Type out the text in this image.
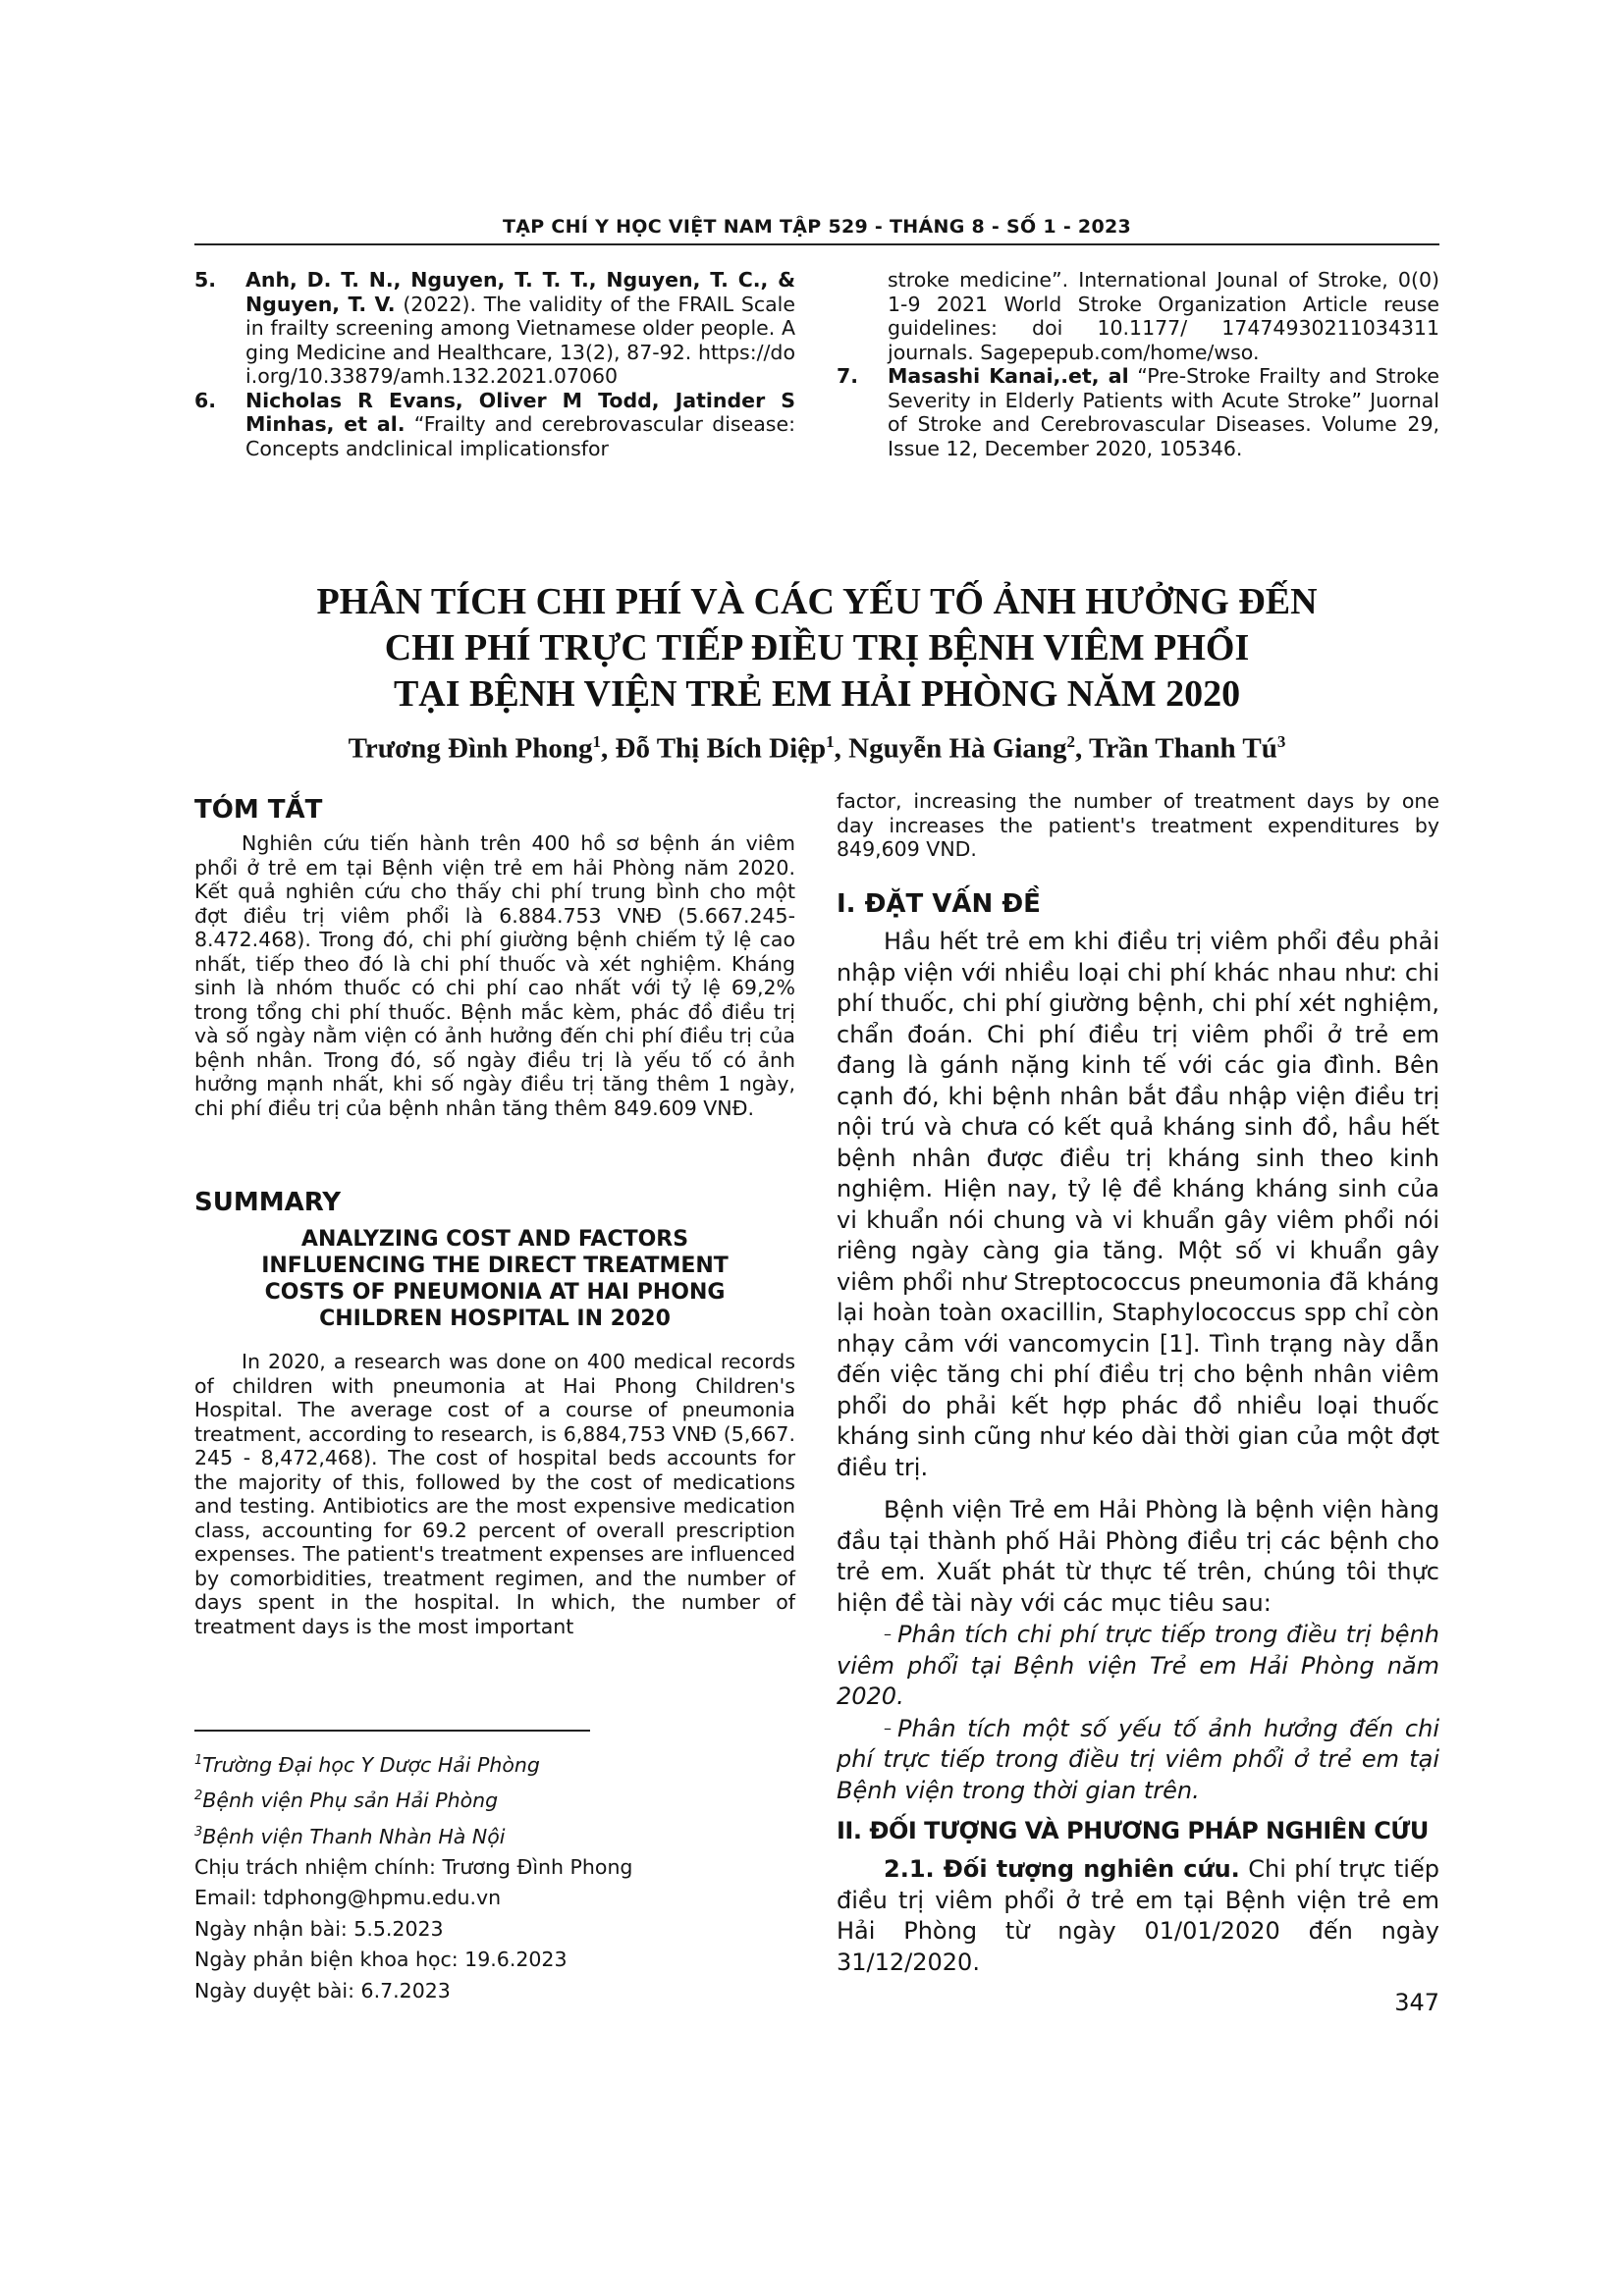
TẠP CHÍ Y HỌC VIỆT NAM TẬP 529 - THÁNG 8 - SỐ 1 - 2023

5. Anh, D. T. N., Nguyen, T. T. T., Nguyen, T. C., & Nguyen, T. V. (2022). The validity of the FRAIL Scale in frailty screening among Vietnamese older people. Aging Medicine and Healthcare, 13(2), 87-92. https://doi.org/10.33879/amh.132.2021.07060

6. Nicholas R Evans, Oliver M Todd, Jatinder S Minhas, et al. “Frailty and cerebrovascular disease: Concepts andclinical implicationsfor

stroke medicine”. International Jounal of Stroke, 0(0) 1-9 2021 World Stroke Organization Article reuse guidelines: doi 10.1177/ 17474930211034311 journals. Sagepepub.com/home/wso.

7. Masashi Kanai,.et, al “Pre-Stroke Frailty and Stroke Severity in Elderly Patients with Acute Stroke” Juornal of Stroke and Cerebrovascular Diseases. Volume 29, Issue 12, December 2020, 105346.

PHÂN TÍCH CHI PHÍ VÀ CÁC YẾU TỐ ẢNH HƯỞNG ĐẾN
CHI PHÍ TRỰC TIẾP ĐIỀU TRỊ BỆNH VIÊM PHỔI
TẠI BỆNH VIỆN TRẺ EM HẢI PHÒNG NĂM 2020
Trương Đình Phong$^1$, Đỗ Thị Bích Diệp$^1$, Nguyễn Hà Giang$^2$, Trần Thanh $Tú^3$
TÓM TẮT

Nghiên cứu tiến hành trên 400 hồ sơ bệnh án viêm phổi ở trẻ em tại Bệnh viện trẻ em hải Phòng năm 2020. Kết quả nghiên cứu cho thấy chi phí trung bình cho một đợt điều trị viêm phổi là 6.884.753 VNĐ (5.667.245-8.472.468). Trong đó, chi phí giường bệnh chiếm tỷ lệ cao nhất, tiếp theo đó là chi phí thuốc và xét nghiệm. Kháng sinh là nhóm thuốc có chi phí cao nhất với tỷ lệ 69,2% trong tổng chi phí thuốc. Bệnh mắc kèm, phác đồ điều trị và số ngày nằm viện có ảnh hưởng đến chi phí điều trị của bệnh nhân. Trong đó, số ngày điều trị là yếu tố có ảnh hưởng mạnh nhất, khi số ngày điều trị tăng thêm 1 ngày, chi phí điều trị của bệnh nhân tăng thêm 849.609 VNĐ.

SUMMARY
ANALYZING COST AND FACTORS
INFLUENCING THE DIRECT TREATMENT
COSTS OF PNEUMONIA AT HAI PHONG
CHILDREN HOSPITAL IN 2020

In 2020, a research was done on 400 medical records of children with pneumonia at Hai Phong Children's Hospital. The average cost of a course of pneumonia treatment, according to research, is 6,884,753 VNĐ (5,667. 245 - 8,472,468). The cost of hospital beds accounts for the majority of this, followed by the cost of medications and testing. Antibiotics are the most expensive medication class, accounting for 69.2 percent of overall prescription expenses. The patient's treatment expenses are influenced by comorbidities, treatment regimen, and the number of days spent in the hospital. In which, the number of treatment days is the most important

$^1$Trường Đại học Y Dược Hải Phòng
$^2$Bệnh viện Phụ sản Hải Phòng
$^3$Bệnh viện Thanh Nhàn Hà Nội
Chịu trách nhiệm chính: Trương Đình Phong
Email: tdphong@hpmu.edu.vn
Ngày nhận bài: 5.5.2023
Ngày phản biện khoa học: 19.6.2023
Ngày duyệt bài: 6.7.2023

factor, increasing the number of treatment days by one day increases the patient's treatment expenditures by 849,609 VND.

I. ĐẶT VẤN ĐỀ

Hầu hết trẻ em khi điều trị viêm phổi đều phải nhập viện với nhiều loại chi phí khác nhau như: chi phí thuốc, chi phí giường bệnh, chi phí xét nghiệm, chẩn đoán. Chi phí điều trị viêm phổi ở trẻ em đang là gánh nặng kinh tế với các gia đình. Bên cạnh đó, khi bệnh nhân bắt đầu nhập viện điều trị nội trú và chưa có kết quả kháng sinh đồ, hầu hết bệnh nhân được điều trị kháng sinh theo kinh nghiệm. Hiện nay, tỷ lệ đề kháng kháng sinh của vi khuẩn nói chung và vi khuẩn gây viêm phổi nói riêng ngày càng gia tăng. Một số vi khuẩn gây viêm phổi như Streptococcus pneumonia đã kháng lại hoàn toàn oxacillin, Staphylococcus spp chỉ còn nhạy cảm với vancomycin [1]. Tình trạng này dẫn đến việc tăng chi phí điều trị cho bệnh nhân viêm phổi do phải kết hợp phác đồ nhiều loại thuốc kháng sinh cũng như kéo dài thời gian của một đợt điều trị.

Bệnh viện Trẻ em Hải Phòng là bệnh viện hàng đầu tại thành phố Hải Phòng điều trị các bệnh cho trẻ em. Xuất phát từ thực tế trên, chúng tôi thực hiện đề tài này với các mục tiêu sau:

– Phân tích chi phí trực tiếp trong điều trị bệnh viêm phổi tại Bệnh viện Trẻ em Hải Phòng năm 2020.

– Phân tích một số yếu tố ảnh hưởng đến chi phí trực tiếp trong điều trị viêm phổi ở trẻ em tại Bệnh viện trong thời gian trên.

II. ĐỐI TƯỢNG VÀ PHƯƠNG PHÁP NGHIÊN CỨU

2.1. Đối tượng nghiên cứu. Chi phí trực tiếp điều trị viêm phổi ở trẻ em tại Bệnh viện trẻ em Hải Phòng từ ngày 01/01/2020 đến ngày 31/12/2020.

347
